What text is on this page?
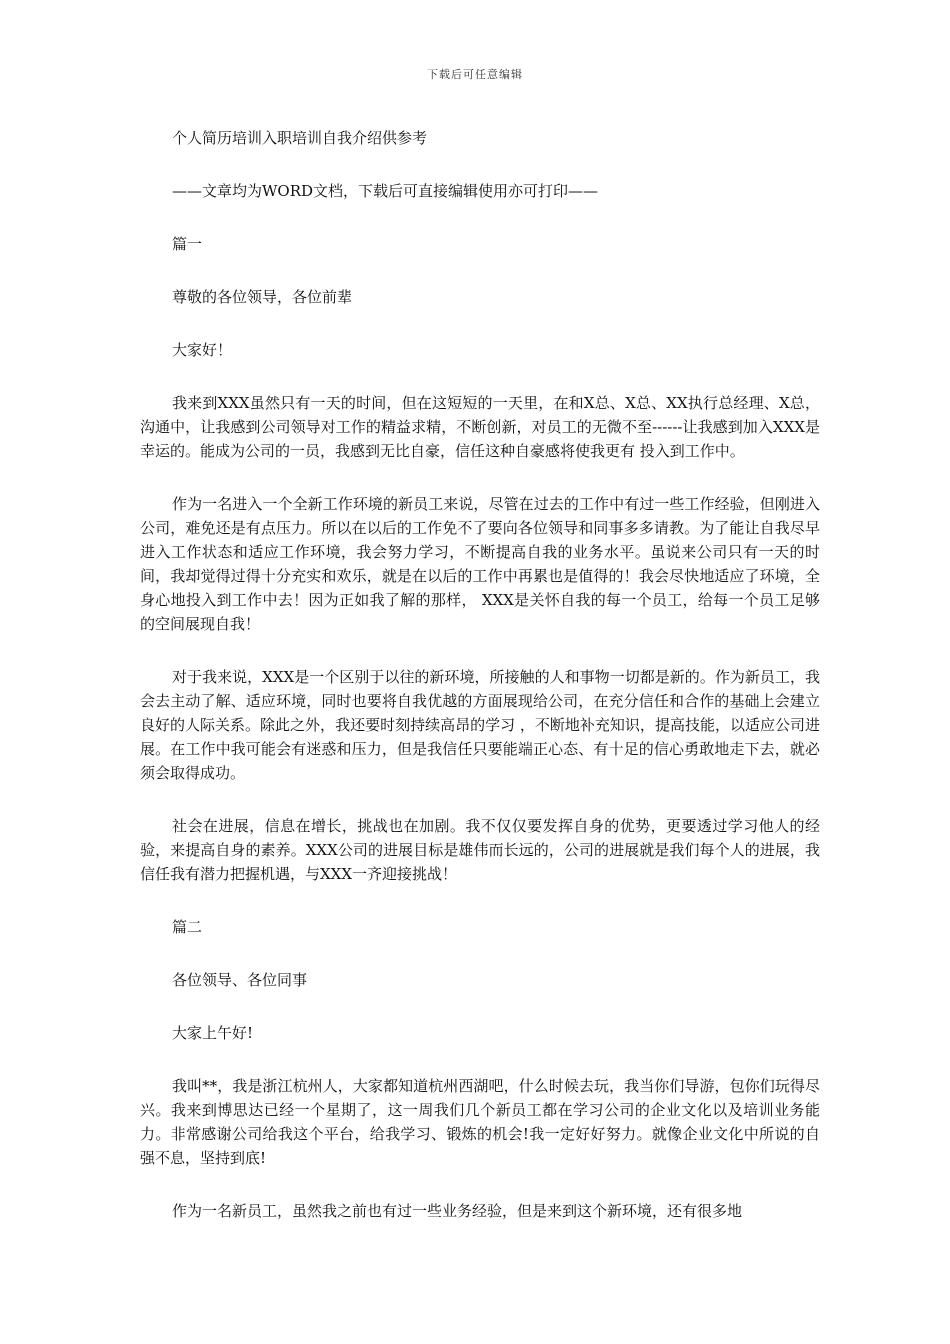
下载后可任意编辑

个人简历培训入职培训自我介绍供参考

——文章均为WORD文档，下载后可直接编辑使用亦可打印——

篇一

尊敬的各位领导，各位前辈

大家好！

我来到XXX虽然只有一天的时间，但在这短短的一天里，在和X总、X总、XX执行总经理、X总，沟通中，让我感到公司领导对工作的精益求精，不断创新，对员工的无微不至------让我感到加入XXX是幸运的。能成为公司的一员，我感到无比自豪，信任这种自豪感将使我更有 投入到工作中。

作为一名进入一个全新工作环境的新员工来说，尽管在过去的工作中有过一些工作经验，但刚进入公司，难免还是有点压力。所以在以后的工作免不了要向各位领导和同事多多请教。为了能让自我尽早进入工作状态和适应工作环境，我会努力学习，不断提高自我的业务水平。虽说来公司只有一天的时间，我却觉得过得十分充实和欢乐，就是在以后的工作中再累也是值得的！我会尽快地适应了环境，全身心地投入到工作中去！因为正如我了解的那样， XXX是关怀自我的每一个员工，给每一个员工足够的空间展现自我！

对于我来说，XXX是一个区别于以往的新环境，所接触的人和事物一切都是新的。作为新员工，我会去主动了解、适应环境，同时也要将自我优越的方面展现给公司，在充分信任和合作的基础上会建立良好的人际关系。除此之外，我还要时刻持续高昂的学习 ，不断地补充知识，提高技能，以适应公司进展。在工作中我可能会有迷惑和压力，但是我信任只要能端正心态、有十足的信心勇敢地走下去，就必须会取得成功。

社会在进展，信息在增长，挑战也在加剧。我不仅仅要发挥自身的优势，更要透过学习他人的经验，来提高自身的素养。XXX公司的进展目标是雄伟而长远的，公司的进展就是我们每个人的进展，我信任我有潜力把握机遇，与XXX一齐迎接挑战！

篇二

各位领导、各位同事

大家上午好!

我叫**，我是浙江杭州人，大家都知道杭州西湖吧，什么时候去玩，我当你们导游，包你们玩得尽兴。我来到博思达已经一个星期了，这一周我们几个新员工都在学习公司的企业文化以及培训业务能力。非常感谢公司给我这个平台，给我学习、锻炼的机会!我一定好好努力。就像企业文化中所说的自强不息，坚持到底!

作为一名新员工，虽然我之前也有过一些业务经验，但是来到这个新环境，还有很多地
